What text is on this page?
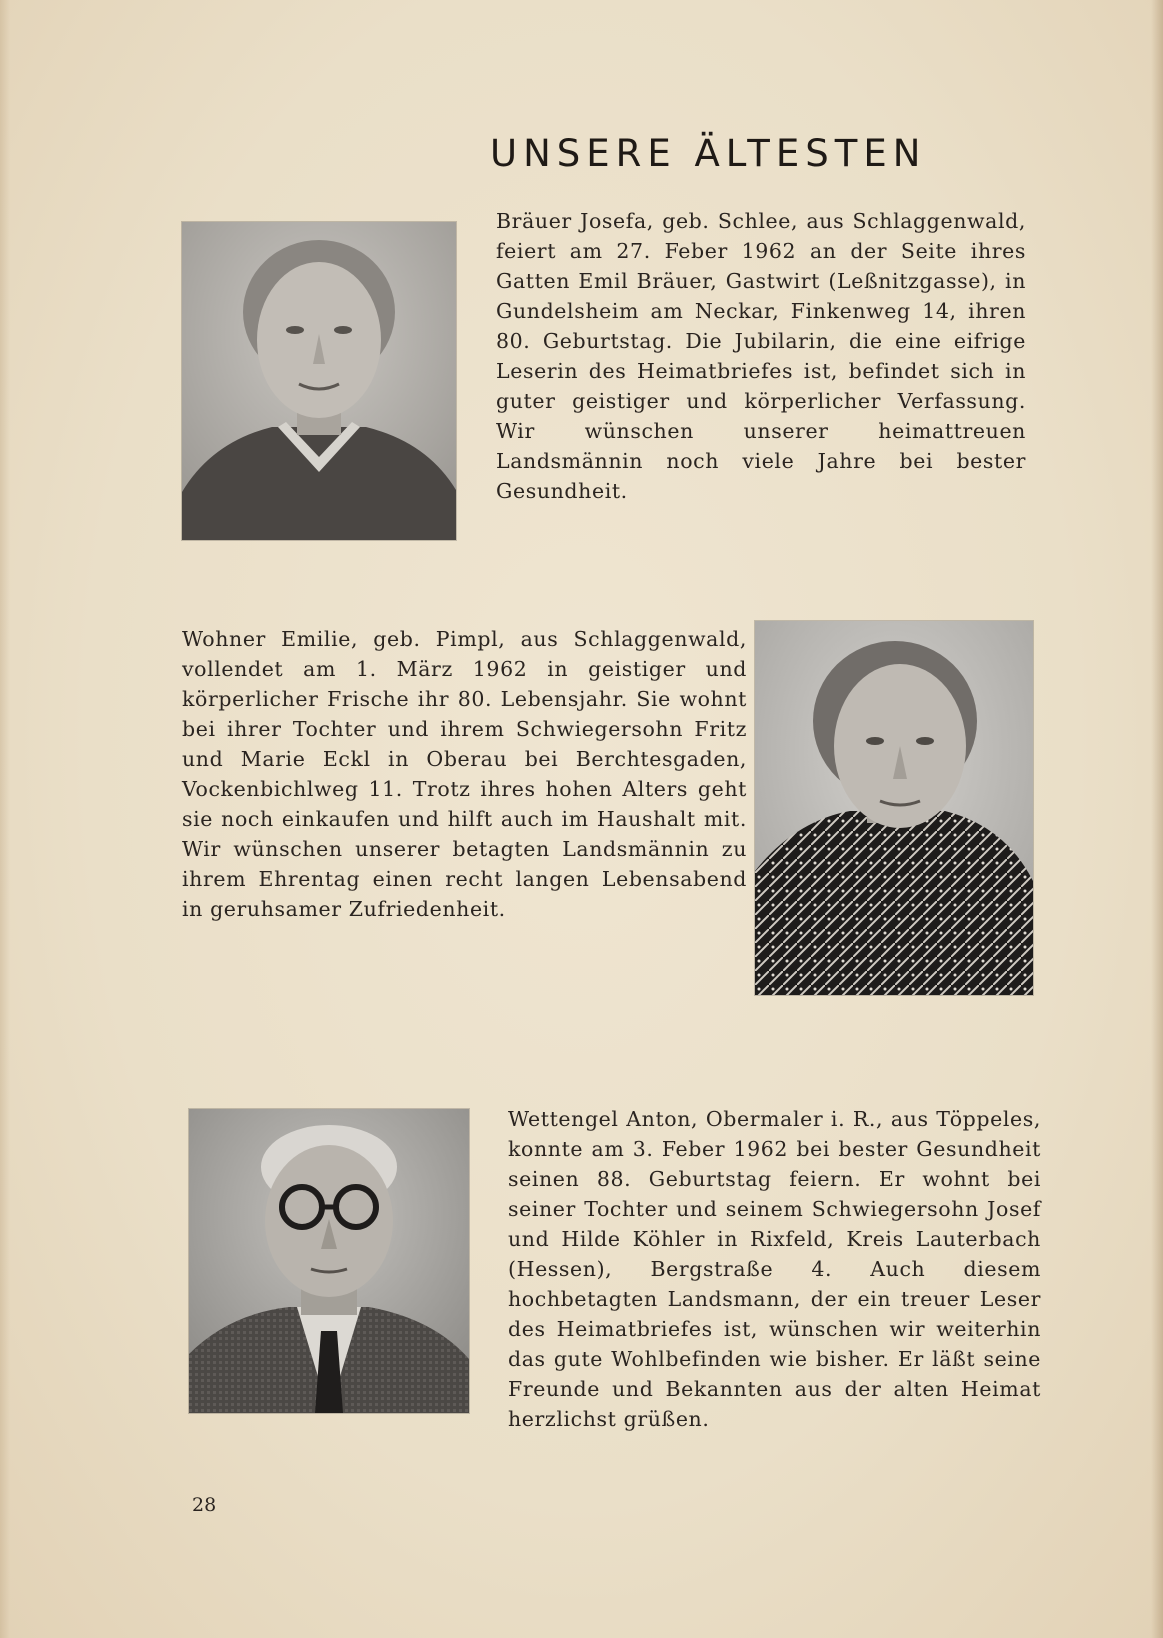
UNSERE ÄLTESTEN

Bräuer Josefa, geb. Schlee, aus Schlaggenwald, feiert am 27. Feber 1962 an der Seite ihres Gatten Emil Bräuer, Gastwirt (Leßnitzgasse), in Gundelsheim am Neckar, Finkenweg 14, ihren 80. Geburtstag. Die Jubilarin, die eine eifrige Leserin des Heimatbriefes ist, befindet sich in guter geistiger und körperlicher Verfassung. Wir wünschen unserer heimattreuen Landsmännin noch viele Jahre bei bester Gesundheit.

Wohner Emilie, geb. Pimpl, aus Schlaggenwald, vollendet am 1. März 1962 in geistiger und körperlicher Frische ihr 80. Lebensjahr. Sie wohnt bei ihrer Tochter und ihrem Schwiegersohn Fritz und Marie Eckl in Oberau bei Berchtesgaden, Vockenbichlweg 11. Trotz ihres hohen Alters geht sie noch einkaufen und hilft auch im Haushalt mit. Wir wünschen unserer betagten Landsmännin zu ihrem Ehrentag einen recht langen Lebensabend in geruhsamer Zufriedenheit.

Wettengel Anton, Obermaler i. R., aus Töppeles, konnte am 3. Feber 1962 bei bester Gesundheit seinen 88. Geburtstag feiern. Er wohnt bei seiner Tochter und seinem Schwiegersohn Josef und Hilde Köhler in Rixfeld, Kreis Lauterbach (Hessen), Bergstraße 4. Auch diesem hochbetagten Landsmann, der ein treuer Leser des Heimatbriefes ist, wünschen wir weiterhin das gute Wohlbefinden wie bisher. Er läßt seine Freunde und Bekannten aus der alten Heimat herzlichst grüßen.

28
